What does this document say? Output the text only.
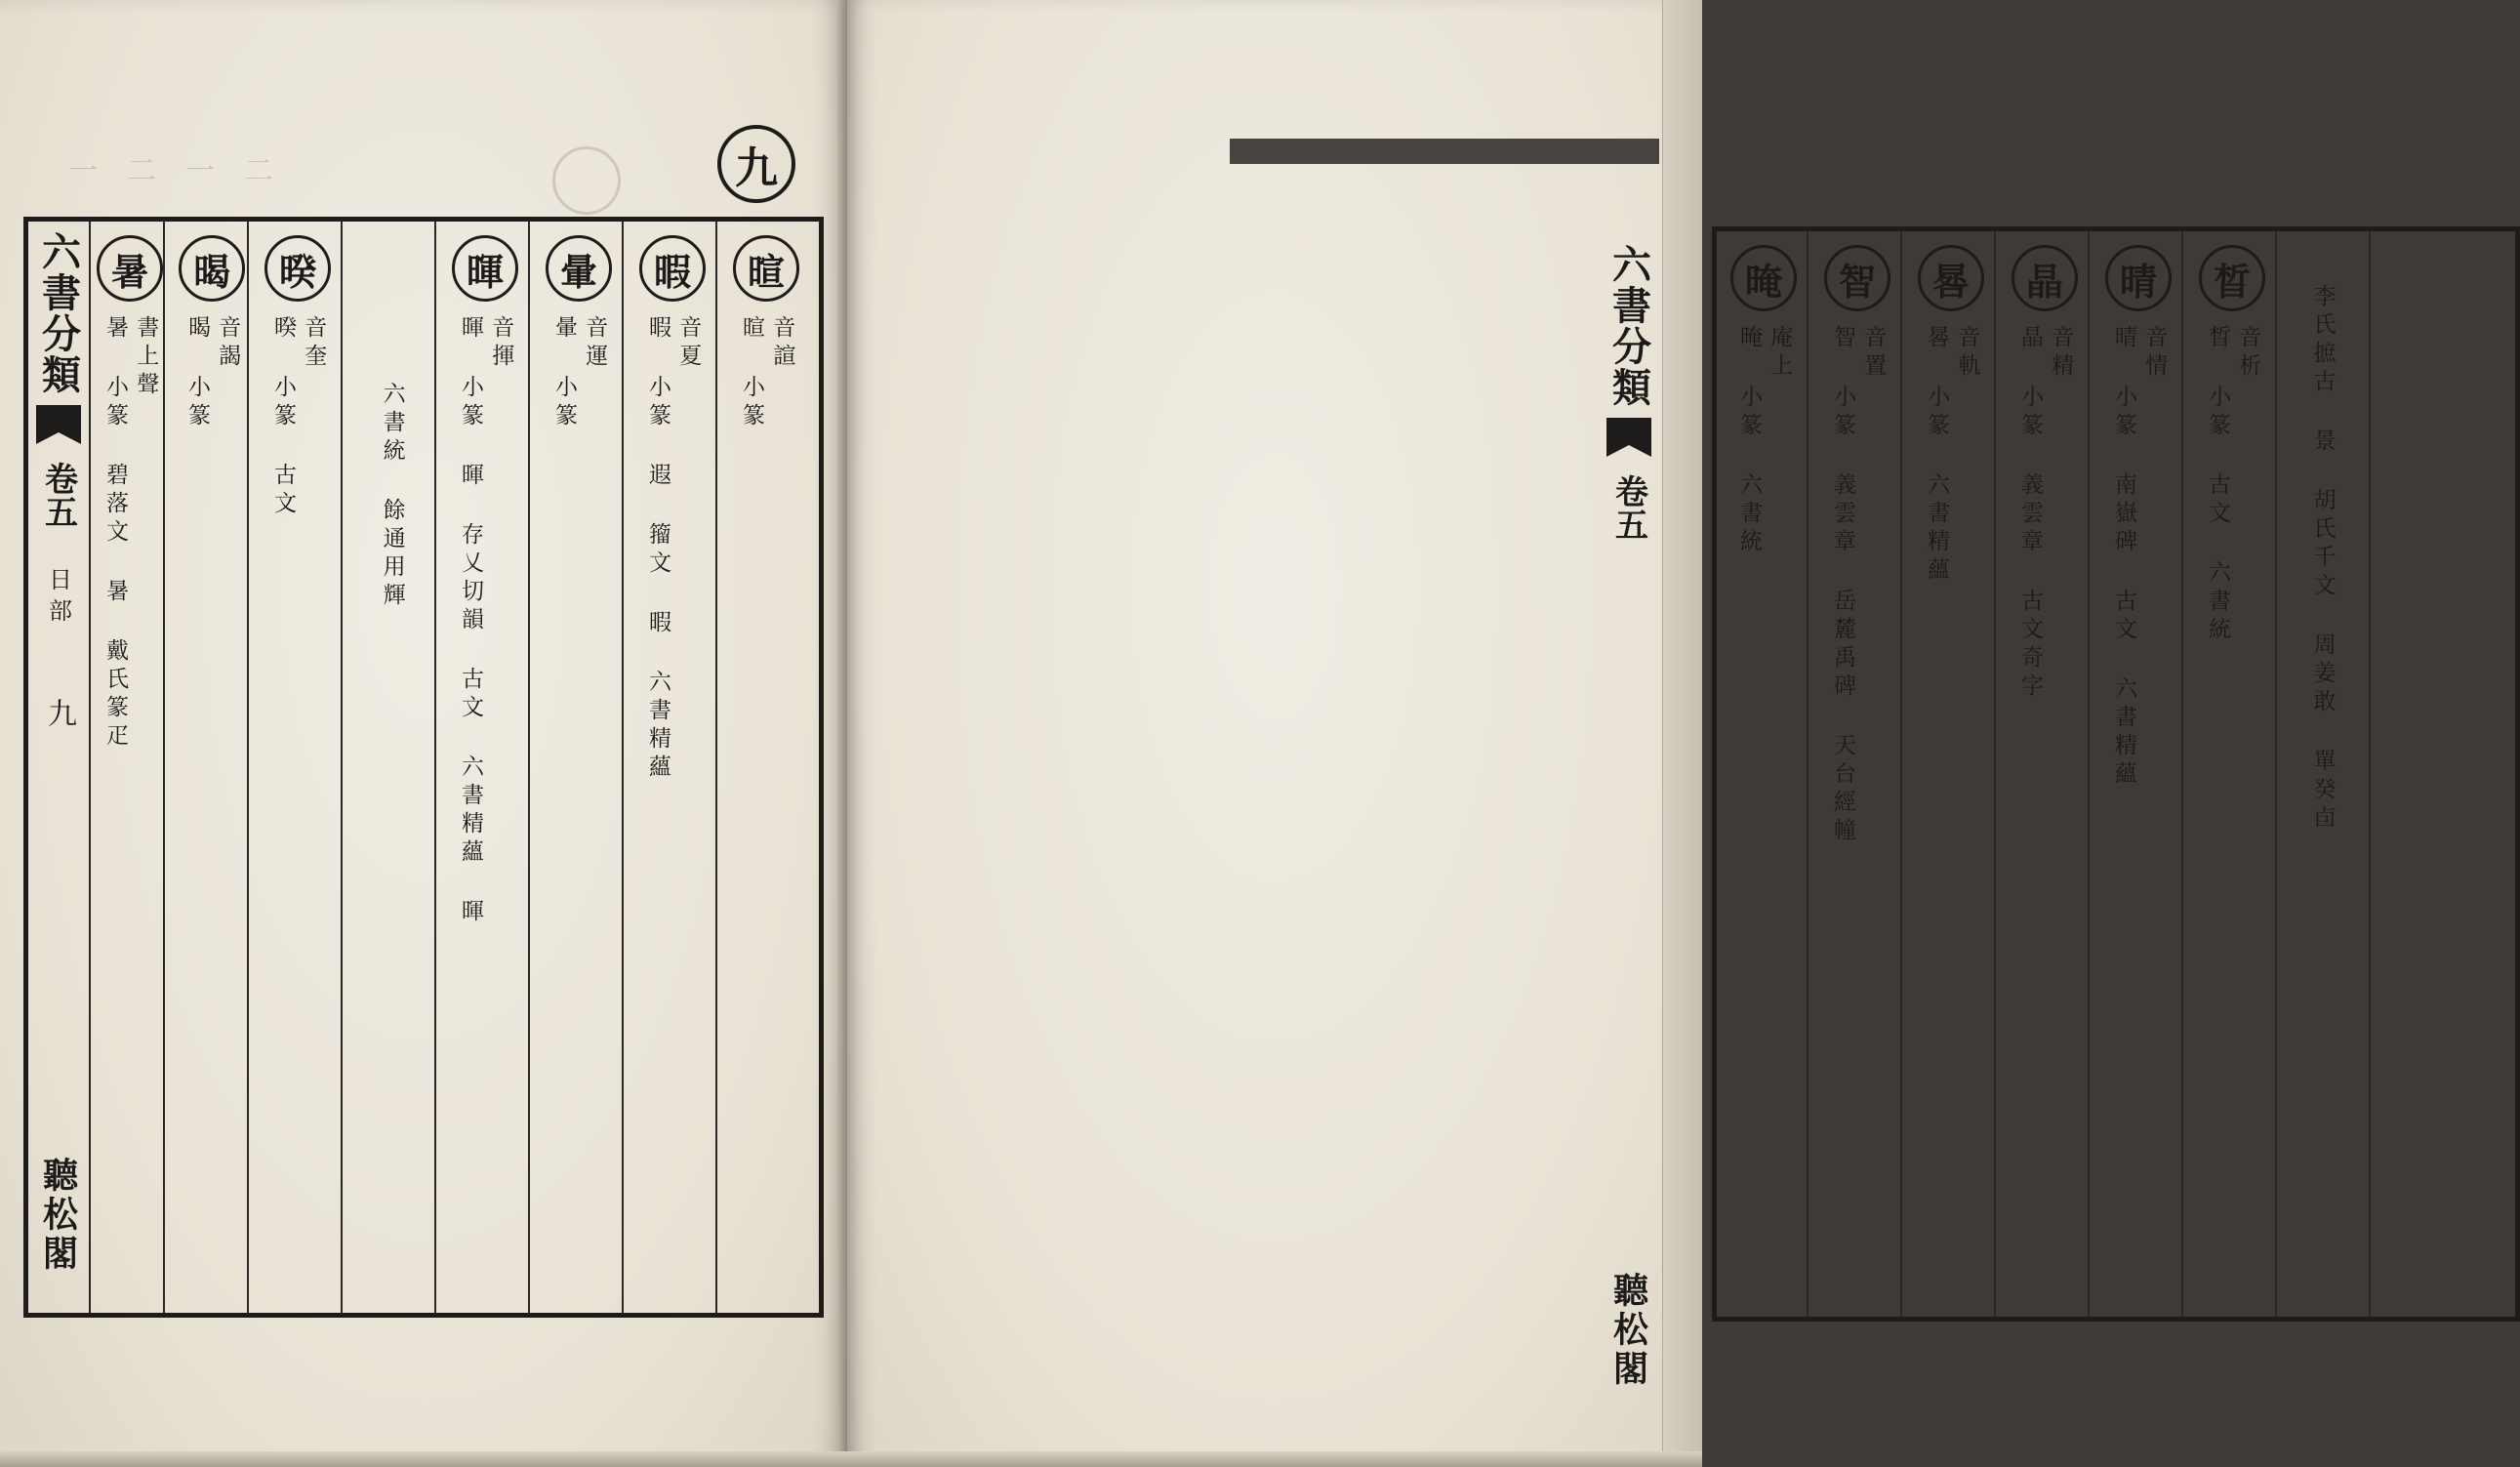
一　二　一　二	九
六書分類
卷五
日部
九
聽松閣
暄
音諠
暄 小篆
暇
音夏
暇 小篆 遐 籀文 暇 六書精蘊
暈
音運
暈 小篆
暉
音揮
暉 小篆 暉 存乂切韻 古文 六書精蘊 暉
六書統 餘通用輝
暌
音奎
暌 小篆 古文
暍
音謁
暍 小篆
暑
書上聲
暑 小篆 碧落文 暑 戴氏篆疋	李氏摭古 景 胡氏千文 周姜敢 單癸卣
晳
音析
晳 小篆 古文 六書統
晴
音情
晴 小篆 南嶽碑 古文 六書精蘊
晶
音精
晶 小篆 義雲章 古文奇字
晷
音軌
晷 小篆 六書精蘊
智
音置
智 小篆 義雲章 岳麓禹碑 天台經幢
晻
庵上
晻 小篆 六書統
六書分類
卷五
聽松閣
